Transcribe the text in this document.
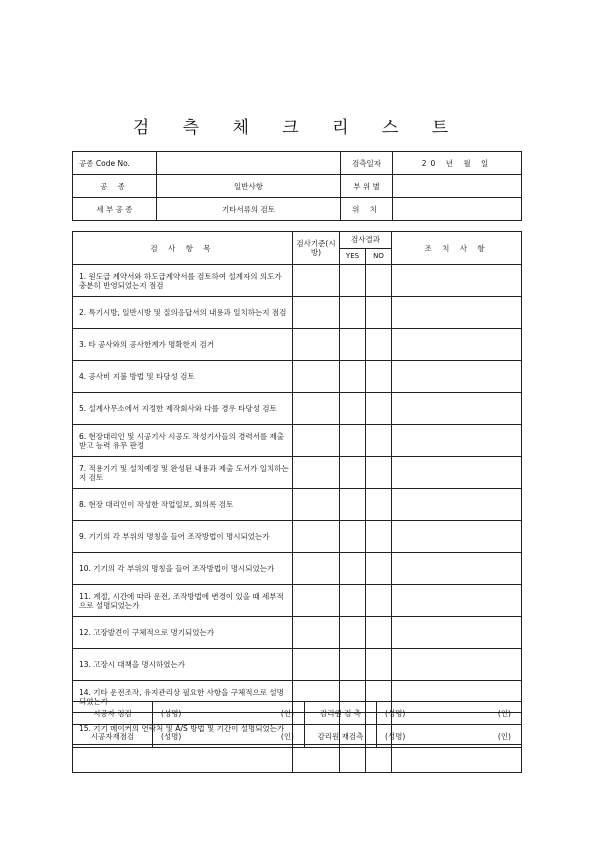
검 측 체 크 리 스 트
공종 Code No.		검측일자	20 년 월 일
공 종	일반사항	부 위 별	
세 부 공 종	기타서류의 검토	위 치	
검 사 항 목	검사기준(시방)	검사결과		조 치 사 항
		YES	NO	
1. 원도급 계약서와 하도급계약서를 검토하여 설계자의 의도가 충분히 반영되었는지 점검				
2. 특기시방, 일반시방 및 질의응답서의 내용과 일치하는지 점검				
3. 타 공사와의 공사한계가 명확한지 검거				
4. 공사비 지불 방법 및 타당성 검토				
5. 설계사무소에서 지정한 제작회사와 다를 경우 타당성 검토				
6. 현장대리인 및 시공기사 시공도 작성기사들의 경력서를 제출받고 능력 유무 판정				
7. 적용기기 및 설치예정 및 완성된 내용과 제출 도서가 일치하는지 검토				
8. 현장 대리인이 작성한 작업일보, 회의록 검토				
9. 기기의 각 부위의 명칭을 들어 조작방법이 명시되었는가				
10. 기기의 각 부위의 명칭을 들어 조작방법이 명시되었는가				
11. 계절, 시간에 따라 운전, 조작방법에 변경이 있을 때 세부적으로 설명되었는가				
12. 고장발견이 구체적으로 명기되었는가				
13. 고장시 대책을 명시하였는가				
14. 기타 운전조작, 유지관리상 필요한 사항을 구체적으로 설명되었는가				
15. 기기 메이커의 연락처 및 A/S 방법 및 기간이 설명되었는가				

시공자 점검	(성명) (인)	감리원 검 측	(성명) (인)

시공자재점검	(성명) (인)	감리원 재검측	(성명) (인)
